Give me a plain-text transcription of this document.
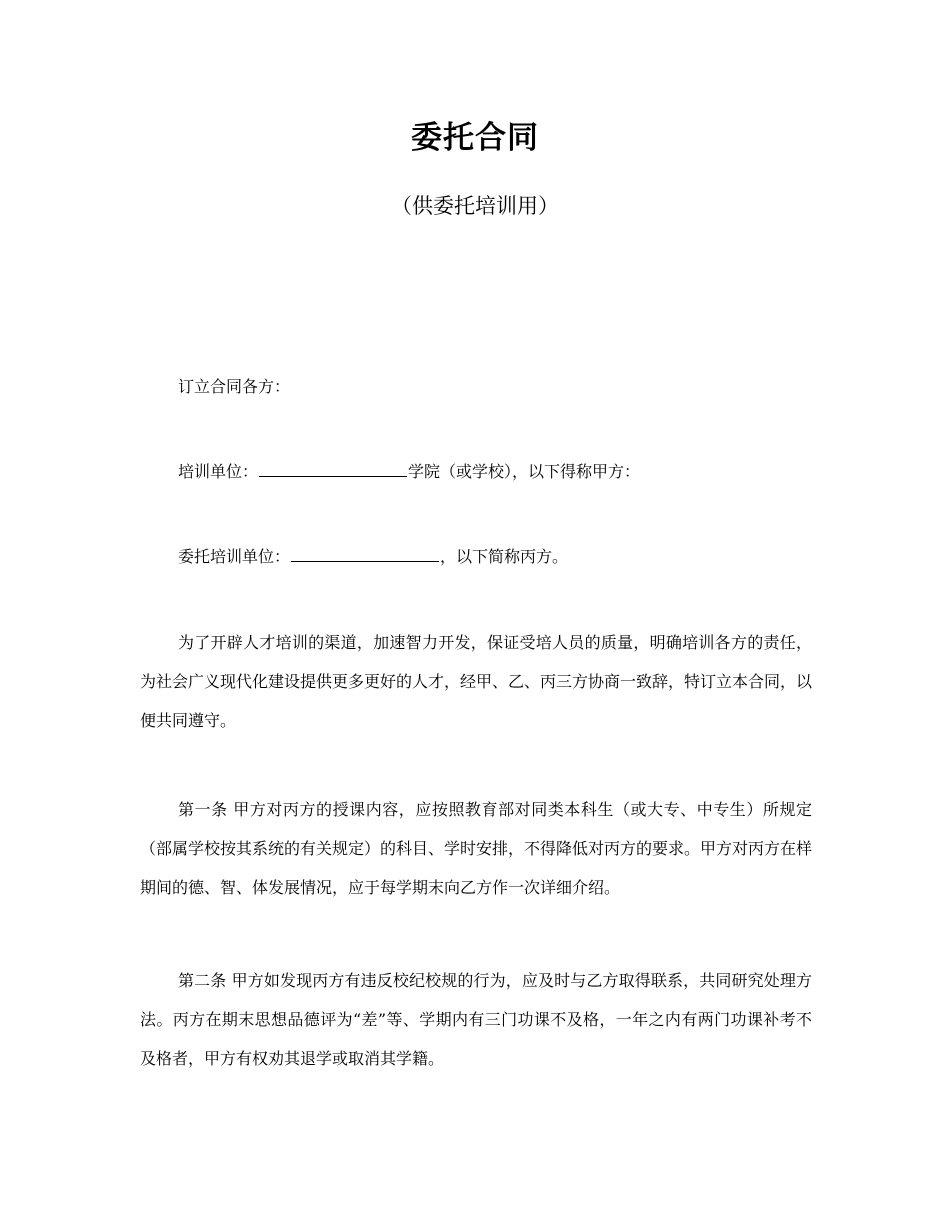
委托合同
（供委托培训用）
订立合同各方：
培训单位：	学院（或学校），以下得称甲方：
委托培训单位：	，以下简称丙方。
为了开辟人才培训的渠道，加速智力开发，保证受培人员的质量，明确培训各方的责任，为社会广义现代化建设提供更多更好的人才，经甲、乙、丙三方协商一致辞，特订立本合同，以便共同遵守。
第一条 甲方对丙方的授课内容，应按照教育部对同类本科生（或大专、中专生）所规定（部属学校按其系统的有关规定）的科目、学时安排，不得降低对丙方的要求。甲方对丙方在样期间的德、智、体发展情况，应于每学期末向乙方作一次详细介绍。
第二条 甲方如发现丙方有违反校纪校规的行为，应及时与乙方取得联系，共同研究处理方法。丙方在期末思想品德评为“差”等、学期内有三门功课不及格，一年之内有两门功课补考不及格者，甲方有权劝其退学或取消其学籍。
